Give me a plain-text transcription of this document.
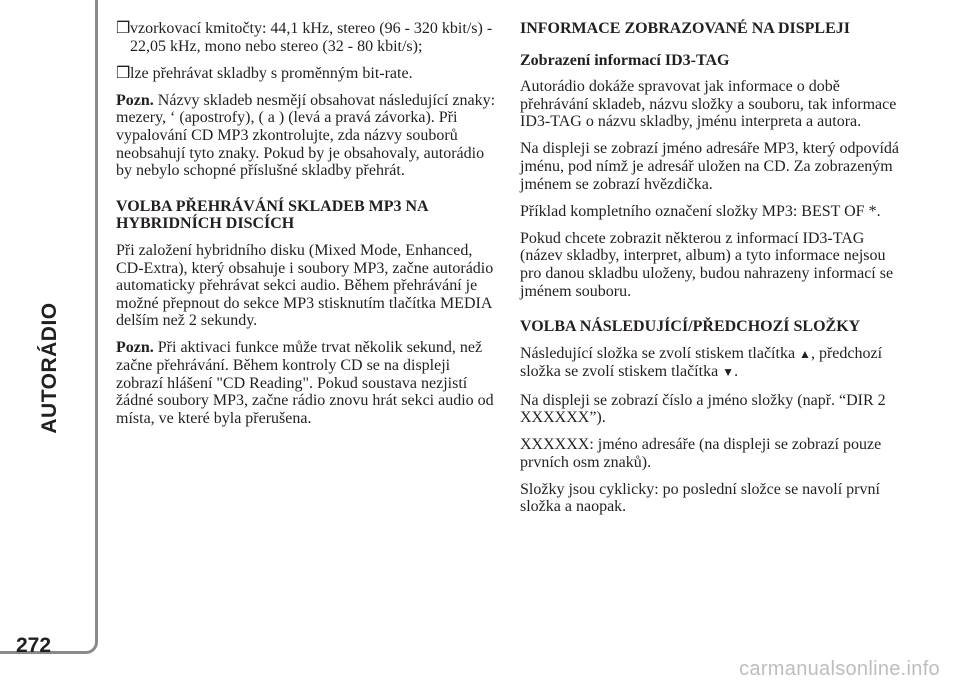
AUTORÁDIO
272
❒ vzorkovací kmitočty: 44,1 kHz, stereo (96 - 320 kbit/s) - 22,05 kHz, mono nebo stereo (32 - 80 kbit/s);
❒ lze přehrávat skladby s proměnným bit-rate.

Pozn. Názvy skladeb nesmějí obsahovat následující znaky: mezery, ‘ (apostrofy), ( a ) (levá a pravá závorka). Při vypalování CD MP3 zkontrolujte, zda názvy souborů neobsahují tyto znaky. Pokud by je obsahovaly, autorádio by nebylo schopné příslušné skladby přehrát.

VOLBA PŘEHRÁVÁNÍ SKLADEB MP3 NA HYBRIDNÍCH DISCÍCH

Při založení hybridního disku (Mixed Mode, Enhanced, CD-Extra), který obsahuje i soubory MP3, začne autorádio automaticky přehrávat sekci audio. Během přehrávání je možné přepnout do sekce MP3 stisknutím tlačítka MEDIA delším než 2 sekundy.

Pozn. Při aktivaci funkce může trvat několik sekund, než začne přehrávání. Během kontroly CD se na displeji zobrazí hlášení "CD Reading". Pokud soustava nezjistí žádné soubory MP3, začne rádio znovu hrát sekci audio od místa, ve které byla přerušena.

INFORMACE ZOBRAZOVANÉ NA DISPLEJI
Zobrazení informací ID3-TAG

Autorádio dokáže spravovat jak informace o době přehrávání skladeb, názvu složky a souboru, tak informace ID3-TAG o názvu skladby, jménu interpreta a autora.

Na displeji se zobrazí jméno adresáře MP3, který odpovídá jménu, pod nímž je adresář uložen na CD. Za zobrazeným jménem se zobrazí hvězdička.

Příklad kompletního označení složky MP3: BEST OF *.

Pokud chcete zobrazit některou z informací ID3-TAG (název skladby, interpret, album) a tyto informace nejsou pro danou skladbu uloženy, budou nahrazeny informací se jménem souboru.

VOLBA NÁSLEDUJÍCÍ/PŘEDCHOZÍ SLOŽKY

Následující složka se zvolí stiskem tlačítka ▲, předchozí složka se zvolí stiskem tlačítka ▼.

Na displeji se zobrazí číslo a jméno složky (např. “DIR 2 XXXXXX”).

XXXXXX: jméno adresáře (na displeji se zobrazí pouze prvních osm znaků).

Složky jsou cyklicky: po poslední složce se navolí první složka a naopak.

carmanualsonline.info
